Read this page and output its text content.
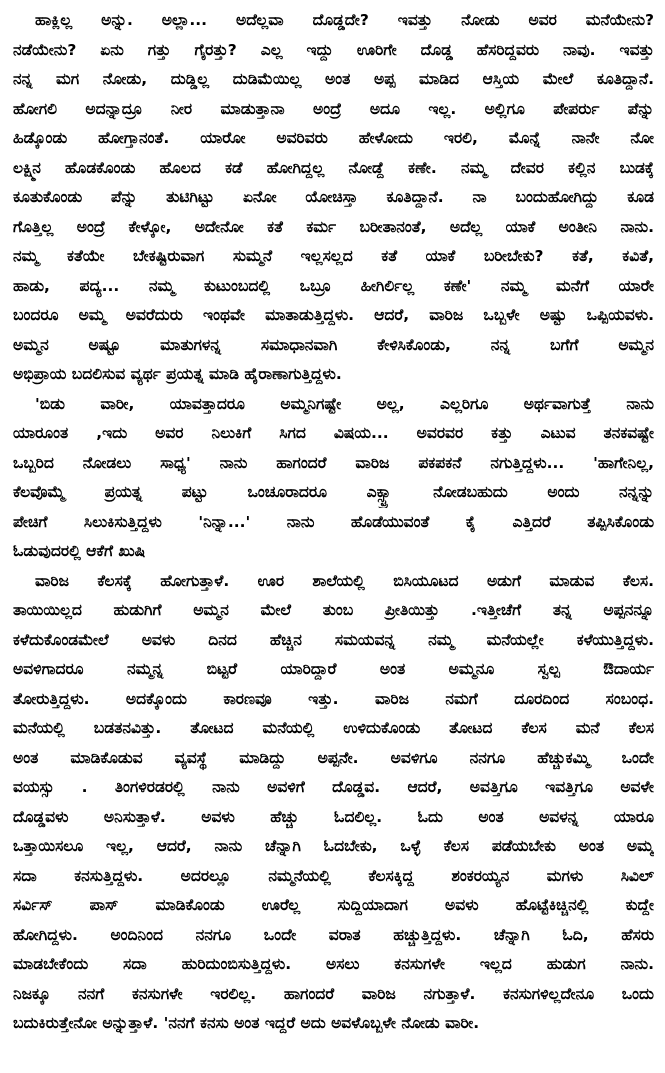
ಹಾಕ್ಲಿಲ್ಲ ಅನ್ನು. ಅಲ್ಲಾ... ಅದೆಲ್ಲವಾ ದೊಡ್ಡದೇ? ಇವತ್ತು ನೋಡು ಅವರ ಮನೆಯೇನು?
ನಡೆಯೇನು? ಏನು ಗತ್ತು ಗೈರತ್ತು? ಎಲ್ಲ ಇದ್ದು ಊರಿಗೇ ದೊಡ್ಡ ಹೆಸರಿದ್ದವರು ನಾವು. ಇವತ್ತು
ನನ್ನ ಮಗ ನೋಡು, ದುಡ್ಡಿಲ್ಲ ದುಡಿಮೆಯಿಲ್ಲ ಅಂತ ಅಪ್ಪ ಮಾಡಿದ ಆಸ್ತಿಯ ಮೇಲೆ ಕೂತಿದ್ದಾನೆ.
ಹೋಗಲಿ ಅದನ್ನಾದ್ರೂ ನೀರ ಮಾಡುತ್ತಾನಾ ಅಂದ್ರೆ ಅದೂ ಇಲ್ಲ. ಅಲ್ಲಿಗೂ ಪೇಪರ್ರು ಪೆನ್ನು
ಹಿಡ್ಕೊಂಡು ಹೋಗ್ತಾನಂತೆ. ಯಾರೋ ಅವರಿವರು ಹೇಳೋದು ಇರಲಿ, ಮೊನ್ನೆ ನಾನೇ ನೋ
ಲಕ್ಷ್ಮಿನ ಹೊಡಕೊಂಡು ಹೊಲದ ಕಡೆ ಹೋಗಿದ್ದಲ್ಲ ನೋಡ್ದೆ ಕಣೇ. ನಮ್ಮ ದೇವರ ಕಲ್ಲಿನ ಬುಡಕ್ಕೆ
ಕೂತುಕೊಂಡು ಪೆನ್ನು ತುಟಿಗಿಟ್ಟು ಏನೋ ಯೋಚಿಸ್ತಾ ಕೂತಿದ್ದಾನೆ. ನಾ ಬಂದುಹೋಗಿದ್ದು ಕೂಡ
ಗೊತ್ತಿಲ್ಲ ಅಂದ್ರೆ ಕೇಳ್ಕೋ, ಅದೇನೋ ಕತೆ ಕರ್ಮ ಬರೀತಾನಂತೆ, ಅದೆಲ್ಲ ಯಾಕೆ ಅಂತೀನಿ ನಾನು.
ನಮ್ಮ ಕತೆಯೇ ಬೇಕಷ್ಟಿರುವಾಗ ಸುಮ್ಮನೆ ಇಲ್ಲಸಲ್ಲದ ಕತೆ ಯಾಕೆ ಬರೀಬೇಕು? ಕತೆ, ಕವಿತೆ,
ಹಾಡು, ಪದ್ಯ... ನಮ್ಮ ಕುಟುಂಬದಲ್ಲಿ ಒಬ್ರೂ ಹೀಗಿರ್ಲಿಲ್ಲ ಕಣೇ' ನಮ್ಮ ಮನೆಗೆ ಯಾರೇ
ಬಂದರೂ ಅಮ್ಮ ಅವರೆದುರು ಇಂಥವೇ ಮಾತಾಡುತ್ತಿದ್ದಳು. ಆದರೆ, ವಾರಿಜ ಒಬ್ಬಳೇ ಅಷ್ಟು ಒಪ್ಪಿಯವಳು.
ಅಮ್ಮನ ಅಷ್ಟೂ ಮಾತುಗಳನ್ನ ಸಮಾಧಾನವಾಗಿ ಕೇಳಿಸಿಕೊಂಡು, ನನ್ನ ಬಗೆಗೆ ಅಮ್ಮನ
ಅಭಿಪ್ರಾಯ ಬದಲಿಸುವ ವ್ಯರ್ಥ ಪ್ರಯತ್ನ ಮಾಡಿ ಹೈರಾಣಾಗುತ್ತಿದ್ದಳು.
'ಬಿಡು ವಾರೀ, ಯಾವತ್ತಾದರೂ ಅಮ್ಮನಿಗಷ್ಟೇ ಅಲ್ಲ, ಎಲ್ಲರಿಗೂ ಅರ್ಥವಾಗುತ್ತೆ ನಾನು
ಯಾರೂಂತ ,ಇದು ಅವರ ನಿಲುಕಿಗೆ ಸಿಗದ ವಿಷಯ... ಅವರವರ ಕತ್ತು ಎಟುವ ತನಕವಷ್ಟೇ
ಒಬ್ಬರಿದ ನೋಡಲು ಸಾಧ್ಯ' ನಾನು ಹಾಗಂದರೆ ವಾರಿಜ ಪಕಪಕನೆ ನಗುತ್ತಿದ್ದಳು... 'ಹಾಗೇನಿಲ್ಲ,
ಕೆಲವೊಮ್ಮೆ ಪ್ರಯತ್ನ ಪಟ್ಟು ಒಂಚೂರಾದರೂ ಎಕ್ಸ್ಟ್ರಾ ನೋಡಬಹುದು ಅಂದು ನನ್ನನ್ನು
ಪೇಚಿಗೆ ಸಿಲುಕಿಸುತ್ತಿದ್ದಳು 'ನಿನ್ನಾ...' ನಾನು ಹೊಡೆಯುವಂತೆ ಕೈ ಎತ್ತಿದರೆ ತಪ್ಪಿಸಿಕೊಂಡು
ಓಡುವುದರಲ್ಲಿ ಆಕೆಗೆ ಖುಷಿ
ವಾರಿಜ ಕೆಲಸಕ್ಕೆ ಹೋಗುತ್ತಾಳೆ. ಊರ ಶಾಲೆಯಲ್ಲಿ ಬಿಸಿಯೂಟದ ಅಡುಗೆ ಮಾಡುವ ಕೆಲಸ.
ತಾಯಿಯಿಲ್ಲದ ಹುಡುಗಿಗೆ ಅಮ್ಮನ ಮೇಲೆ ತುಂಬ ಪ್ರೀತಿಯಿತ್ತು .ಇತ್ತೀಚೆಗೆ ತನ್ನ ಅಪ್ಪನನ್ನೂ
ಕಳೆದುಕೊಂಡಮೇಲೆ ಅವಳು ದಿನದ ಹೆಚ್ಚಿನ ಸಮಯವನ್ನ ನಮ್ಮ ಮನೆಯಲ್ಲೇ ಕಳೆಯುತ್ತಿದ್ದಳು.
ಅವಳಿಗಾದರೂ ನಮ್ಮನ್ನ ಬಿಟ್ಟರೆ ಯಾರಿದ್ದಾರೆ ಅಂತ ಅಮ್ಮನೂ ಸ್ವಲ್ಪ ಔದಾರ್ಯ
ತೋರುತ್ತಿದ್ದಳು. ಅದಕ್ಕೊಂದು ಕಾರಣವೂ ಇತ್ತು. ವಾರಿಜ ನಮಗೆ ದೂರದಿಂದ ಸಂಬಂಧ.
ಮನೆಯಲ್ಲಿ ಬಡತನವಿತ್ತು. ತೋಟದ ಮನೆಯಲ್ಲಿ ಉಳಿದುಕೊಂಡು ತೋಟದ ಕೆಲಸ ಮನೆ ಕೆಲಸ
ಅಂತ ಮಾಡಿಕೊಡುವ ವ್ಯವಸ್ಥೆ ಮಾಡಿದ್ದು ಅಪ್ಪನೇ. ಅವಳಿಗೂ ನನಗೂ ಹೆಚ್ಚುಕಮ್ಮಿ ಒಂದೇ
ವಯಸ್ಸು . ತಿಂಗಳಿರಡರಲ್ಲಿ ನಾನು ಅವಳಿಗೆ ದೊಡ್ಡವ. ಆದರೆ, ಅವತ್ತಿಗೂ ಇವತ್ತಿಗೂ ಅವಳೇ
ದೊಡ್ಡವಳು ಅನಿಸುತ್ತಾಳೆ. ಅವಳು ಹೆಚ್ಚು ಓದಲಿಲ್ಲ. ಓದು ಅಂತ ಅವಳನ್ನ ಯಾರೂ
ಒತ್ತಾಯಿಸಲೂ ಇಲ್ಲ, ಆದರೆ, ನಾನು ಚೆನ್ನಾಗಿ ಓದಬೇಕು, ಒಳ್ಳೆ ಕೆಲಸ ಪಡೆಯಬೇಕು ಅಂತ ಅಮ್ಮ
ಸದಾ ಕನಸುತ್ತಿದ್ದಳು. ಅದರಲ್ಲೂ ನಮ್ಮನೆಯಲ್ಲಿ ಕೆಲಸಕ್ಕಿದ್ದ ಶಂಕರಯ್ಯನ ಮಗಳು ಸಿವಿಲ್
ಸರ್ವಿಸ್ ಪಾಸ್ ಮಾಡಿಕೊಂಡು ಊರೆಲ್ಲ ಸುದ್ದಿಯಾದಾಗ ಅವಳು ಹೊಟ್ಟೆಕಿಚ್ಚಿನಲ್ಲಿ ಕುದ್ದೇ
ಹೋಗಿದ್ದಳು. ಅಂದಿನಿಂದ ನನಗೂ ಒಂದೇ ವರಾತ ಹಚ್ಚುತ್ತಿದ್ದಳು. ಚೆನ್ನಾಗಿ ಓದಿ, ಹೆಸರು
ಮಾಡಬೇಕೆಂದು ಸದಾ ಹುರಿದುಂಬಿಸುತ್ತಿದ್ದಳು. ಅಸಲು ಕನಸುಗಳೇ ಇಲ್ಲದ ಹುಡುಗ ನಾನು.
ನಿಜಕ್ಕೂ ನನಗೆ ಕನಸುಗಳೇ ಇರಲಿಲ್ಲ. ಹಾಗಂದರೆ ವಾರಿಜ ನಗುತ್ತಾಳೆ. ಕನಸುಗಳಿಲ್ಲದೇನೂ ಒಂದು
ಬದುಕಿರುತ್ತೇನೋ ಅನ್ನುತ್ತಾಳೆ. 'ನನಗೆ ಕನಸು ಅಂತ ಇದ್ದರೆ ಅದು ಅವಳೊಬ್ಬಳೇ ನೋಡು ವಾರೀ.
